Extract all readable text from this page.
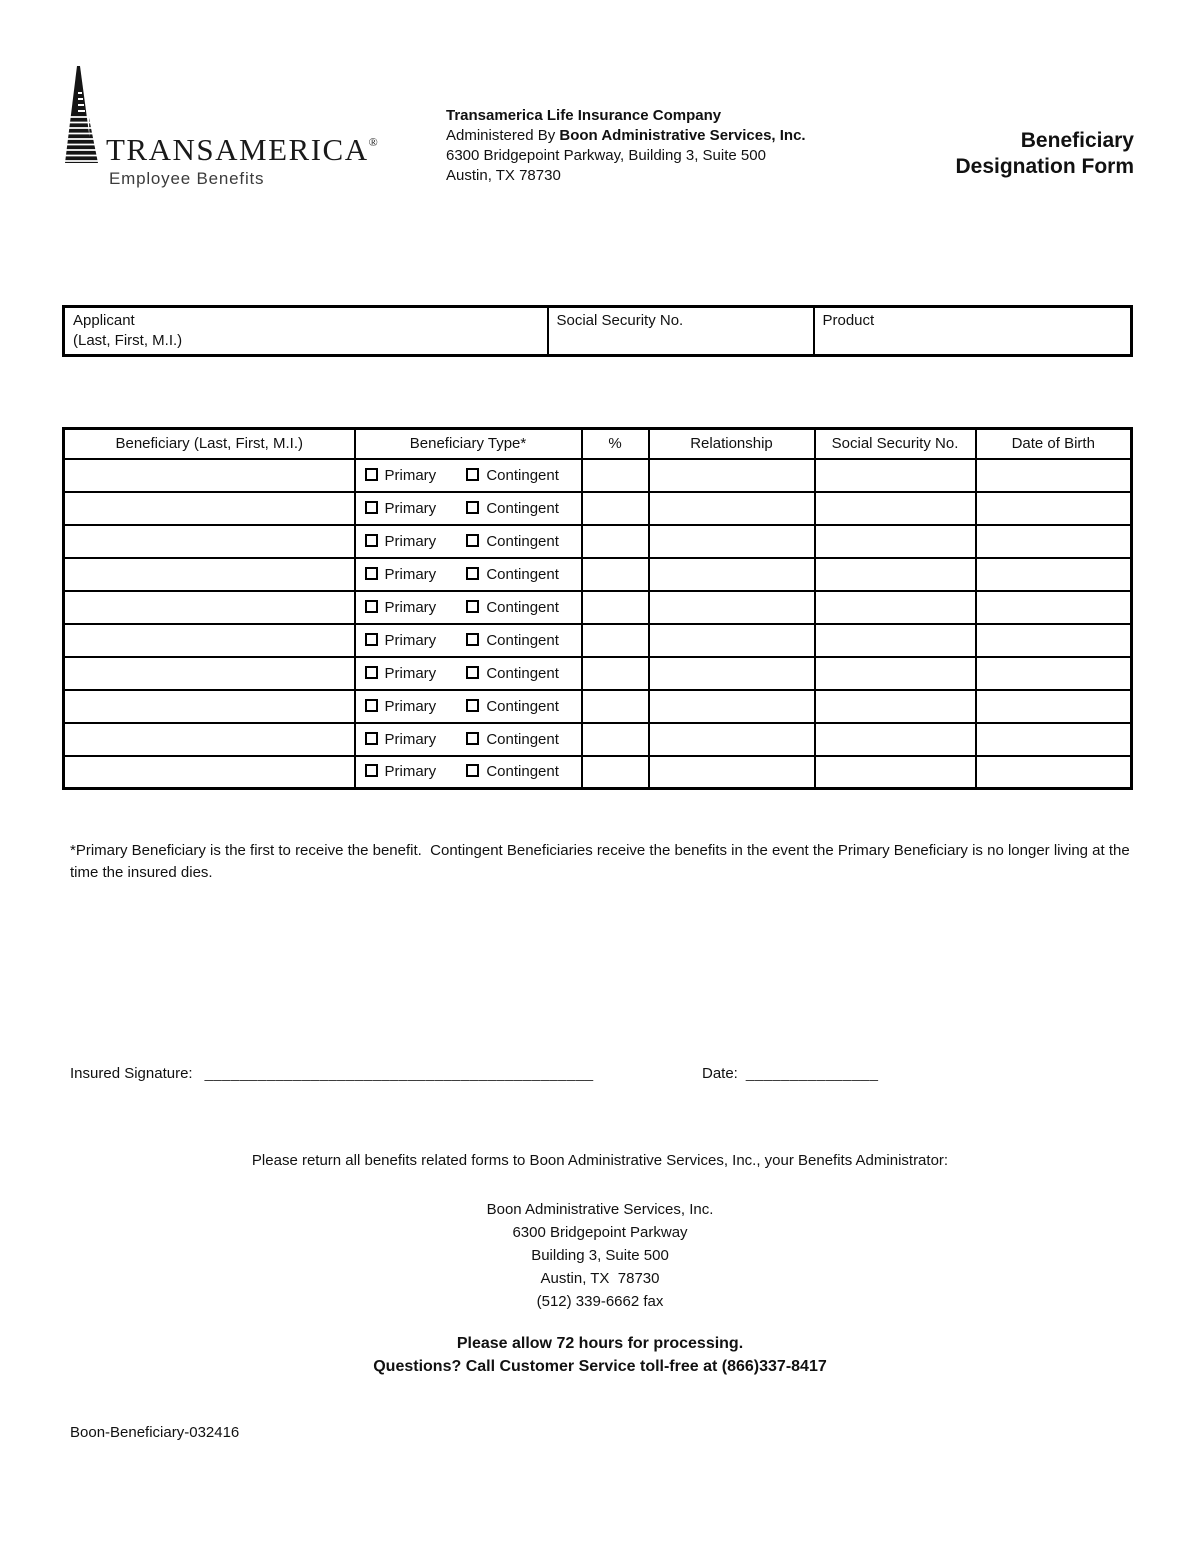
TRANSAMERICA®
Employee Benefits
Transamerica Life Insurance Company
Administered By Boon Administrative Services, Inc.
6300 Bridgepoint Parkway, Building 3, Suite 500
Austin, TX 78730
Beneficiary
Designation Form
Applicant
(Last, First, M.I.)

Social Security No.	Product
Beneficiary (Last, First, M.I.)	Beneficiary Type*	%	Relationship	Social Security No.	Date of Birth
	Primary Contingent				
	Primary Contingent				
	Primary Contingent				
	Primary Contingent				
	Primary Contingent				
	Primary Contingent				
	Primary Contingent				
	Primary Contingent				
	Primary Contingent				
	Primary Contingent				
*Primary Beneficiary is the first to receive the benefit.  Contingent Beneficiaries receive the benefits in the event the Primary Beneficiary is no longer living at the time the insured dies.
Insured Signature: ____________________________________________	Date: _______________
Please return all benefits related forms to Boon Administrative Services, Inc., your Benefits Administrator:
Boon Administrative Services, Inc.
6300 Bridgepoint Parkway
Building 3, Suite 500
Austin, TX  78730
(512) 339-6662 fax
Please allow 72 hours for processing.
Questions? Call Customer Service toll-free at (866)337-8417
Boon-Beneficiary-032416
